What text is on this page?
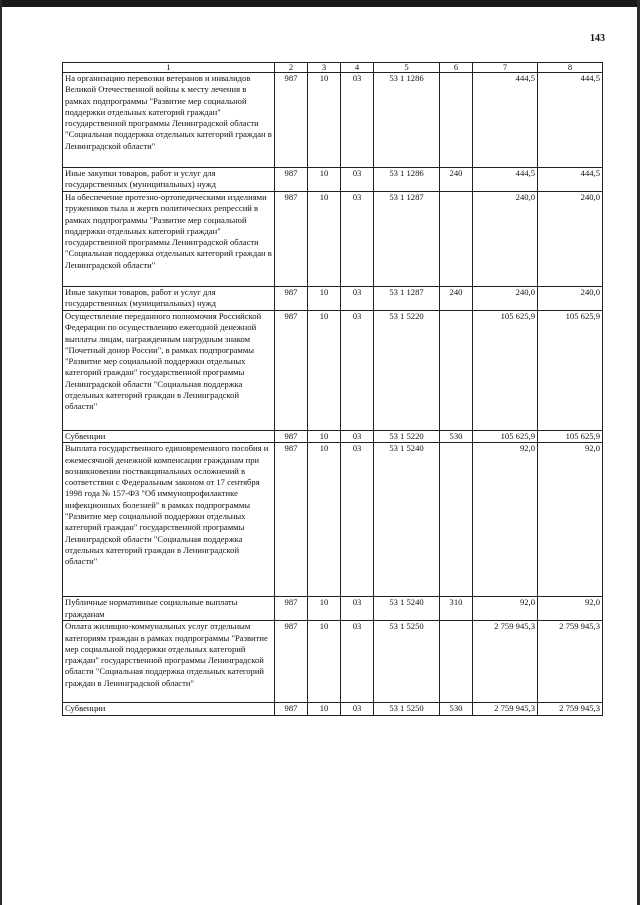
143
1	2	3	4	5	6	7	8
На организацию перевозки ветеранов и инвалидов Великой Отечественной войны к месту лечения в рамках подпрограммы "Развитие мер социальной поддержки отдельных категорий граждан" государственной программы Ленинградской области "Социальная поддержка отдельных категорий граждан в Ленинградской области"	987	10	03	53 1 1286		444,5	444,5
Иные закупки товаров, работ и услуг для государственных (муниципальных) нужд	987	10	03	53 1 1286	240	444,5	444,5
На обеспечение протезно-ортопедическими изделиями тружеников тыла и жертв политических репрессий в рамках подпрограммы "Развитие мер социальной поддержки отдельных категорий граждан" государственной программы Ленинградской области "Социальная поддержка отдельных категорий граждан в Ленинградской области"	987	10	03	53 1 1287		240,0	240,0
Иные закупки товаров, работ и услуг для государственных (муниципальных) нужд	987	10	03	53 1 1287	240	240,0	240,0
Осуществление переданного полномочия Российской Федерации по осуществлению ежегодной денежной выплаты лицам, награжденным нагрудным знаком "Почетный донор России", в рамках подпрограммы "Развитие мер социальной поддержки отдельных категорий граждан" государственной программы Ленинградской области "Социальная поддержка отдельных категорий граждан в Ленинградской области"	987	10	03	53 1 5220		105 625,9	105 625,9
Субвенции	987	10	03	53 1 5220	530	105 625,9	105 625,9
Выплата государственного единовременного пособия и ежемесячной денежной компенсации гражданам при возникновении поствакцинальных осложнений в соответствии с Федеральным законом от 17 сентября 1998 года № 157-ФЗ "Об иммунопрофилактике инфекционных болезней" в рамках подпрограммы "Развитие мер социальной поддержки отдельных категорий граждан" государственной программы Ленинградской области "Социальная поддержка отдельных категорий граждан в Ленинградской области"	987	10	03	53 1 5240		92,0	92,0
Публичные нормативные социальные выплаты гражданам	987	10	03	53 1 5240	310	92,0	92,0
Оплата жилищно-коммунальных услуг отдельным категориям граждан в рамках подпрограммы "Развитие мер социальной поддержки отдельных категорий граждан" государственной программы Ленинградской области "Социальная поддержка отдельных категорий граждан в Ленинградской области"	987	10	03	53 1 5250		2 759 945,3	2 759 945,3
Субвенции	987	10	03	53 1 5250	530	2 759 945,3	2 759 945,3
